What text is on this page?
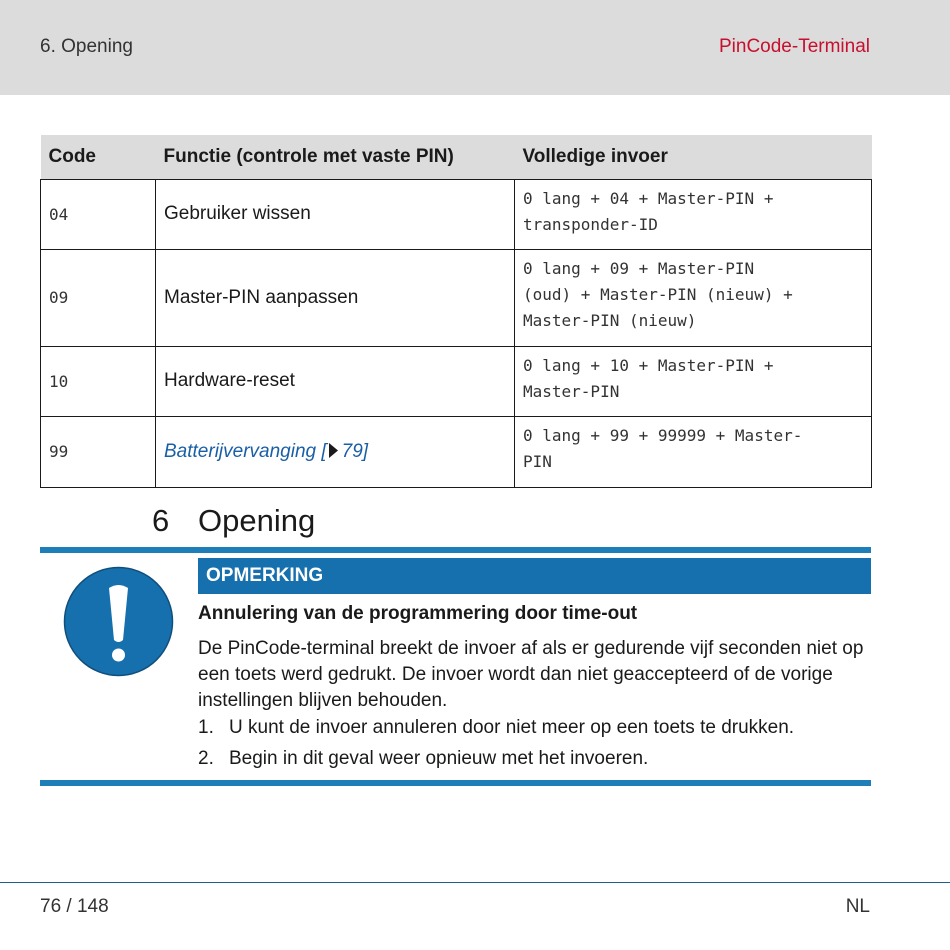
6. Opening	PinCode-Terminal
Code	Functie (controle met vaste PIN)	Volledige invoer
04	Gebruiker wissen	0 lang + 04 + Master-PIN +
transponder-ID

09	Master-PIN aanpassen	0 lang + 09 + Master-PIN
(oud) + Master-PIN (nieuw) +
Master-PIN (nieuw)

10	Hardware-reset	0 lang + 10 + Master-PIN +
Master-PIN

99	Batterijvervanging [ 79]	0 lang + 99 + 99999 + Master-
PIN
6 Opening
OPMERKING
Annulering van de programmering door time-out
De PinCode-terminal breekt de invoer af als er gedurende vijf seconden niet op een toets werd gedrukt. De invoer wordt dan niet geaccepteerd of de vorige instellingen blijven behouden.
1. U kunt de invoer annuleren door niet meer op een toets te drukken.
2. Begin in dit geval weer opnieuw met het invoeren.
76 / 148	NL
